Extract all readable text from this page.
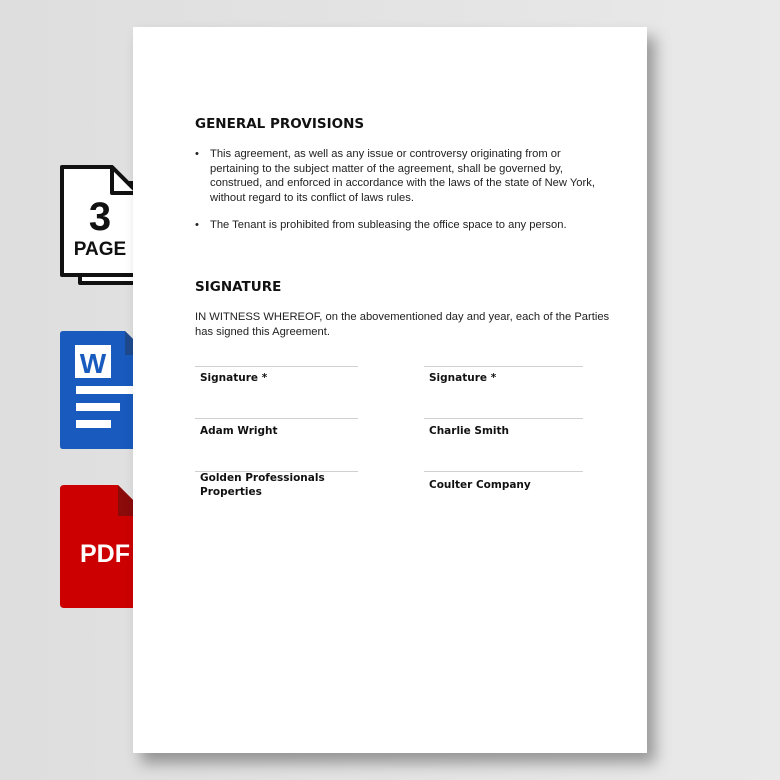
3
PAGE
W
PDF
GENERAL PROVISIONS
• This agreement, as well as any issue or controversy originating from or
pertaining to the subject matter of the agreement, shall be governed by,
construed, and enforced in accordance with the laws of the state of New York,
without regard to its conflict of laws rules.
• The Tenant is prohibited from subleasing the office space to any person.
SIGNATURE
IN WITNESS WHEREOF, on the abovementioned day and year, each of the Parties
has signed this Agreement.
Signature *
Adam Wright
Golden Professionals
Properties
Signature *
Charlie Smith
Coulter Company
